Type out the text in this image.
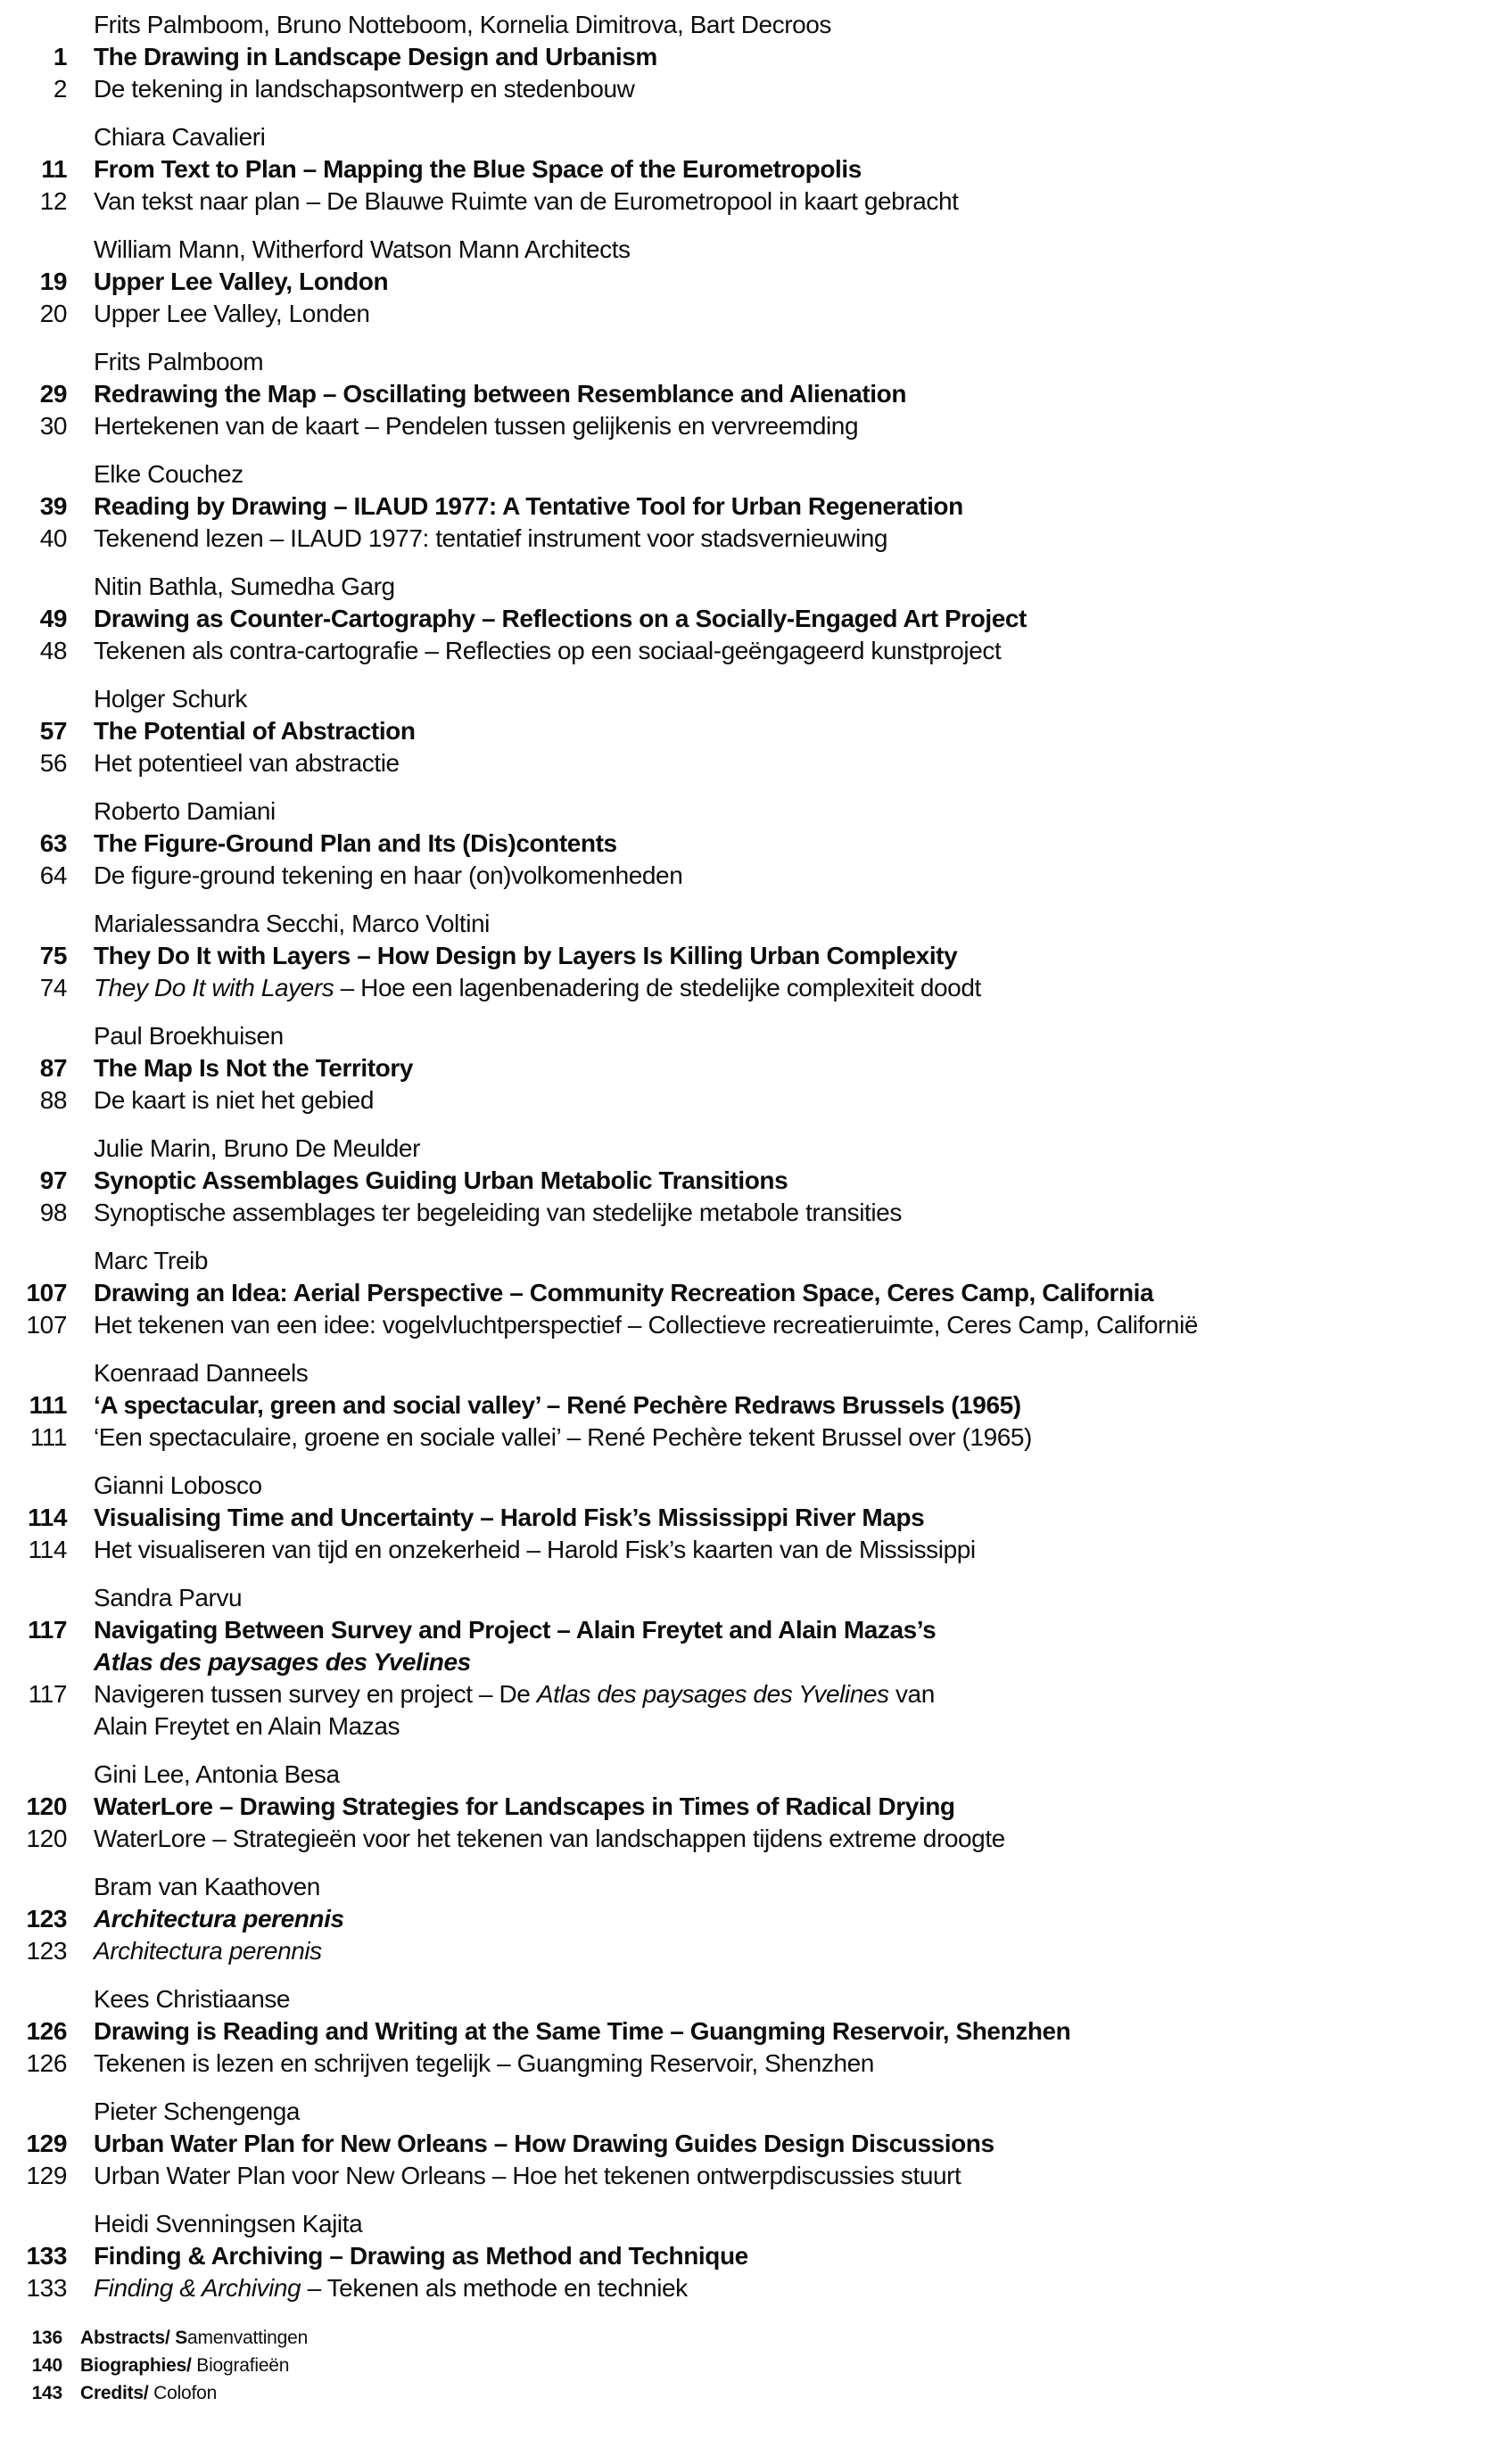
Frits Palmboom, Bruno Notteboom, Kornelia Dimitrova, Bart Decroos
1 The Drawing in Landscape Design and Urbanism
2 De tekening in landschapsontwerp en stedenbouw
Chiara Cavalieri
11 From Text to Plan – Mapping the Blue Space of the Eurometropolis
12 Van tekst naar plan – De Blauwe Ruimte van de Eurometropool in kaart gebracht
William Mann, Witherford Watson Mann Architects
19 Upper Lee Valley, London
20 Upper Lee Valley, Londen
Frits Palmboom
29 Redrawing the Map – Oscillating between Resemblance and Alienation
30 Hertekenen van de kaart – Pendelen tussen gelijkenis en vervreemding
Elke Couchez
39 Reading by Drawing – ILAUD 1977: A Tentative Tool for Urban Regeneration
40 Tekenend lezen – ILAUD 1977: tentatief instrument voor stadsvernieuwing
Nitin Bathla, Sumedha Garg
49 Drawing as Counter-Cartography – Reflections on a Socially-Engaged Art Project
48 Tekenen als contra-cartografie – Reflecties op een sociaal-geëngageerd kunstproject
Holger Schurk
57 The Potential of Abstraction
56 Het potentieel van abstractie
Roberto Damiani
63 The Figure-Ground Plan and Its (Dis)contents
64 De figure-ground tekening en haar (on)volkomenheden
Marialessandra Secchi, Marco Voltini
75 They Do It with Layers – How Design by Layers Is Killing Urban Complexity
74 They Do It with Layers – Hoe een lagenbenadering de stedelijke complexiteit doodt
Paul Broekhuisen
87 The Map Is Not the Territory
88 De kaart is niet het gebied
Julie Marin, Bruno De Meulder
97 Synoptic Assemblages Guiding Urban Metabolic Transitions
98 Synoptische assemblages ter begeleiding van stedelijke metabole transities
Marc Treib
107 Drawing an Idea: Aerial Perspective – Community Recreation Space, Ceres Camp, California
107 Het tekenen van een idee: vogelvluchtperspectief – Collectieve recreatieruimte, Ceres Camp, Californië
Koenraad Danneels
111 ‘A spectacular, green and social valley’ – René Pechère Redraws Brussels (1965)
111 ‘Een spectaculaire, groene en sociale vallei’ – René Pechère tekent Brussel over (1965)
Gianni Lobosco
114 Visualising Time and Uncertainty – Harold Fisk’s Mississippi River Maps
114 Het visualiseren van tijd en onzekerheid – Harold Fisk’s kaarten van de Mississippi
Sandra Parvu
117 Navigating Between Survey and Project – Alain Freytet and Alain Mazas’s
Atlas des paysages des Yvelines
117 Navigeren tussen survey en project – De Atlas des paysages des Yvelines van
Alain Freytet en Alain Mazas
Gini Lee, Antonia Besa
120 WaterLore – Drawing Strategies for Landscapes in Times of Radical Drying
120 WaterLore – Strategieën voor het tekenen van landschappen tijdens extreme droogte
Bram van Kaathoven
123 Architectura perennis
123 Architectura perennis
Kees Christiaanse
126 Drawing is Reading and Writing at the Same Time – Guangming Reservoir, Shenzhen
126 Tekenen is lezen en schrijven tegelijk – Guangming Reservoir, Shenzhen
Pieter Schengenga
129 Urban Water Plan for New Orleans – How Drawing Guides Design Discussions
129 Urban Water Plan voor New Orleans – Hoe het tekenen ontwerpdiscussies stuurt
Heidi Svenningsen Kajita
133 Finding & Archiving – Drawing as Method and Technique
133 Finding & Archiving – Tekenen als methode en techniek
136 Abstracts/ Samenvattingen
140 Biographies/ Biografieën
143 Credits/ Colofon
